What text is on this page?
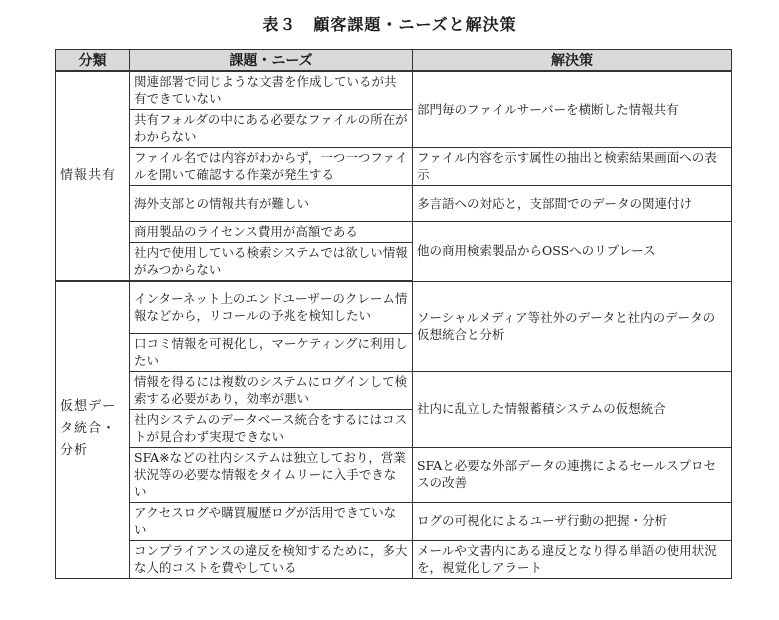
表３　顧客課題・ニーズと解決策
分類	課題・ニーズ	解決策
情報共有	関連部署で同じような文書を作成しているが共有できていない	部門毎のファイルサーバーを横断した情報共有
	共有フォルダの中にある必要なファイルの所在がわからない	
	ファイル名では内容がわからず，一つ一つファイルを開いて確認する作業が発生する	ファイル内容を示す属性の抽出と検索結果画面への表示
	海外支部との情報共有が難しい	多言語への対応と，支部間でのデータの関連付け
	商用製品のライセンス費用が高額である	他の商用検索製品からOSSへのリプレース
	社内で使用している検索システムでは欲しい情報がみつからない	
仮想データ統合・分析	インターネット上のエンドユーザーのクレーム情報などから，リコールの予兆を検知したい	ソーシャルメディア等社外のデータと社内のデータの仮想統合と分析
	口コミ情報を可視化し，マーケティングに利用したい	
	情報を得るには複数のシステムにログインして検索する必要があり，効率が悪い	社内に乱立した情報蓄積システムの仮想統合
	社内システムのデータベース統合をするにはコストが見合わず実現できない	
	SFA※などの社内システムは独立しており，営業状況等の必要な情報をタイムリーに入手できない	SFAと必要な外部データの連携によるセールスプロセスの改善
	アクセスログや購買履歴ログが活用できていない	ログの可視化によるユーザ行動の把握・分析
	コンプライアンスの違反を検知するために，多大な人的コストを費やしている	メールや文書内にある違反となり得る単語の使用状況を，視覚化しアラート
